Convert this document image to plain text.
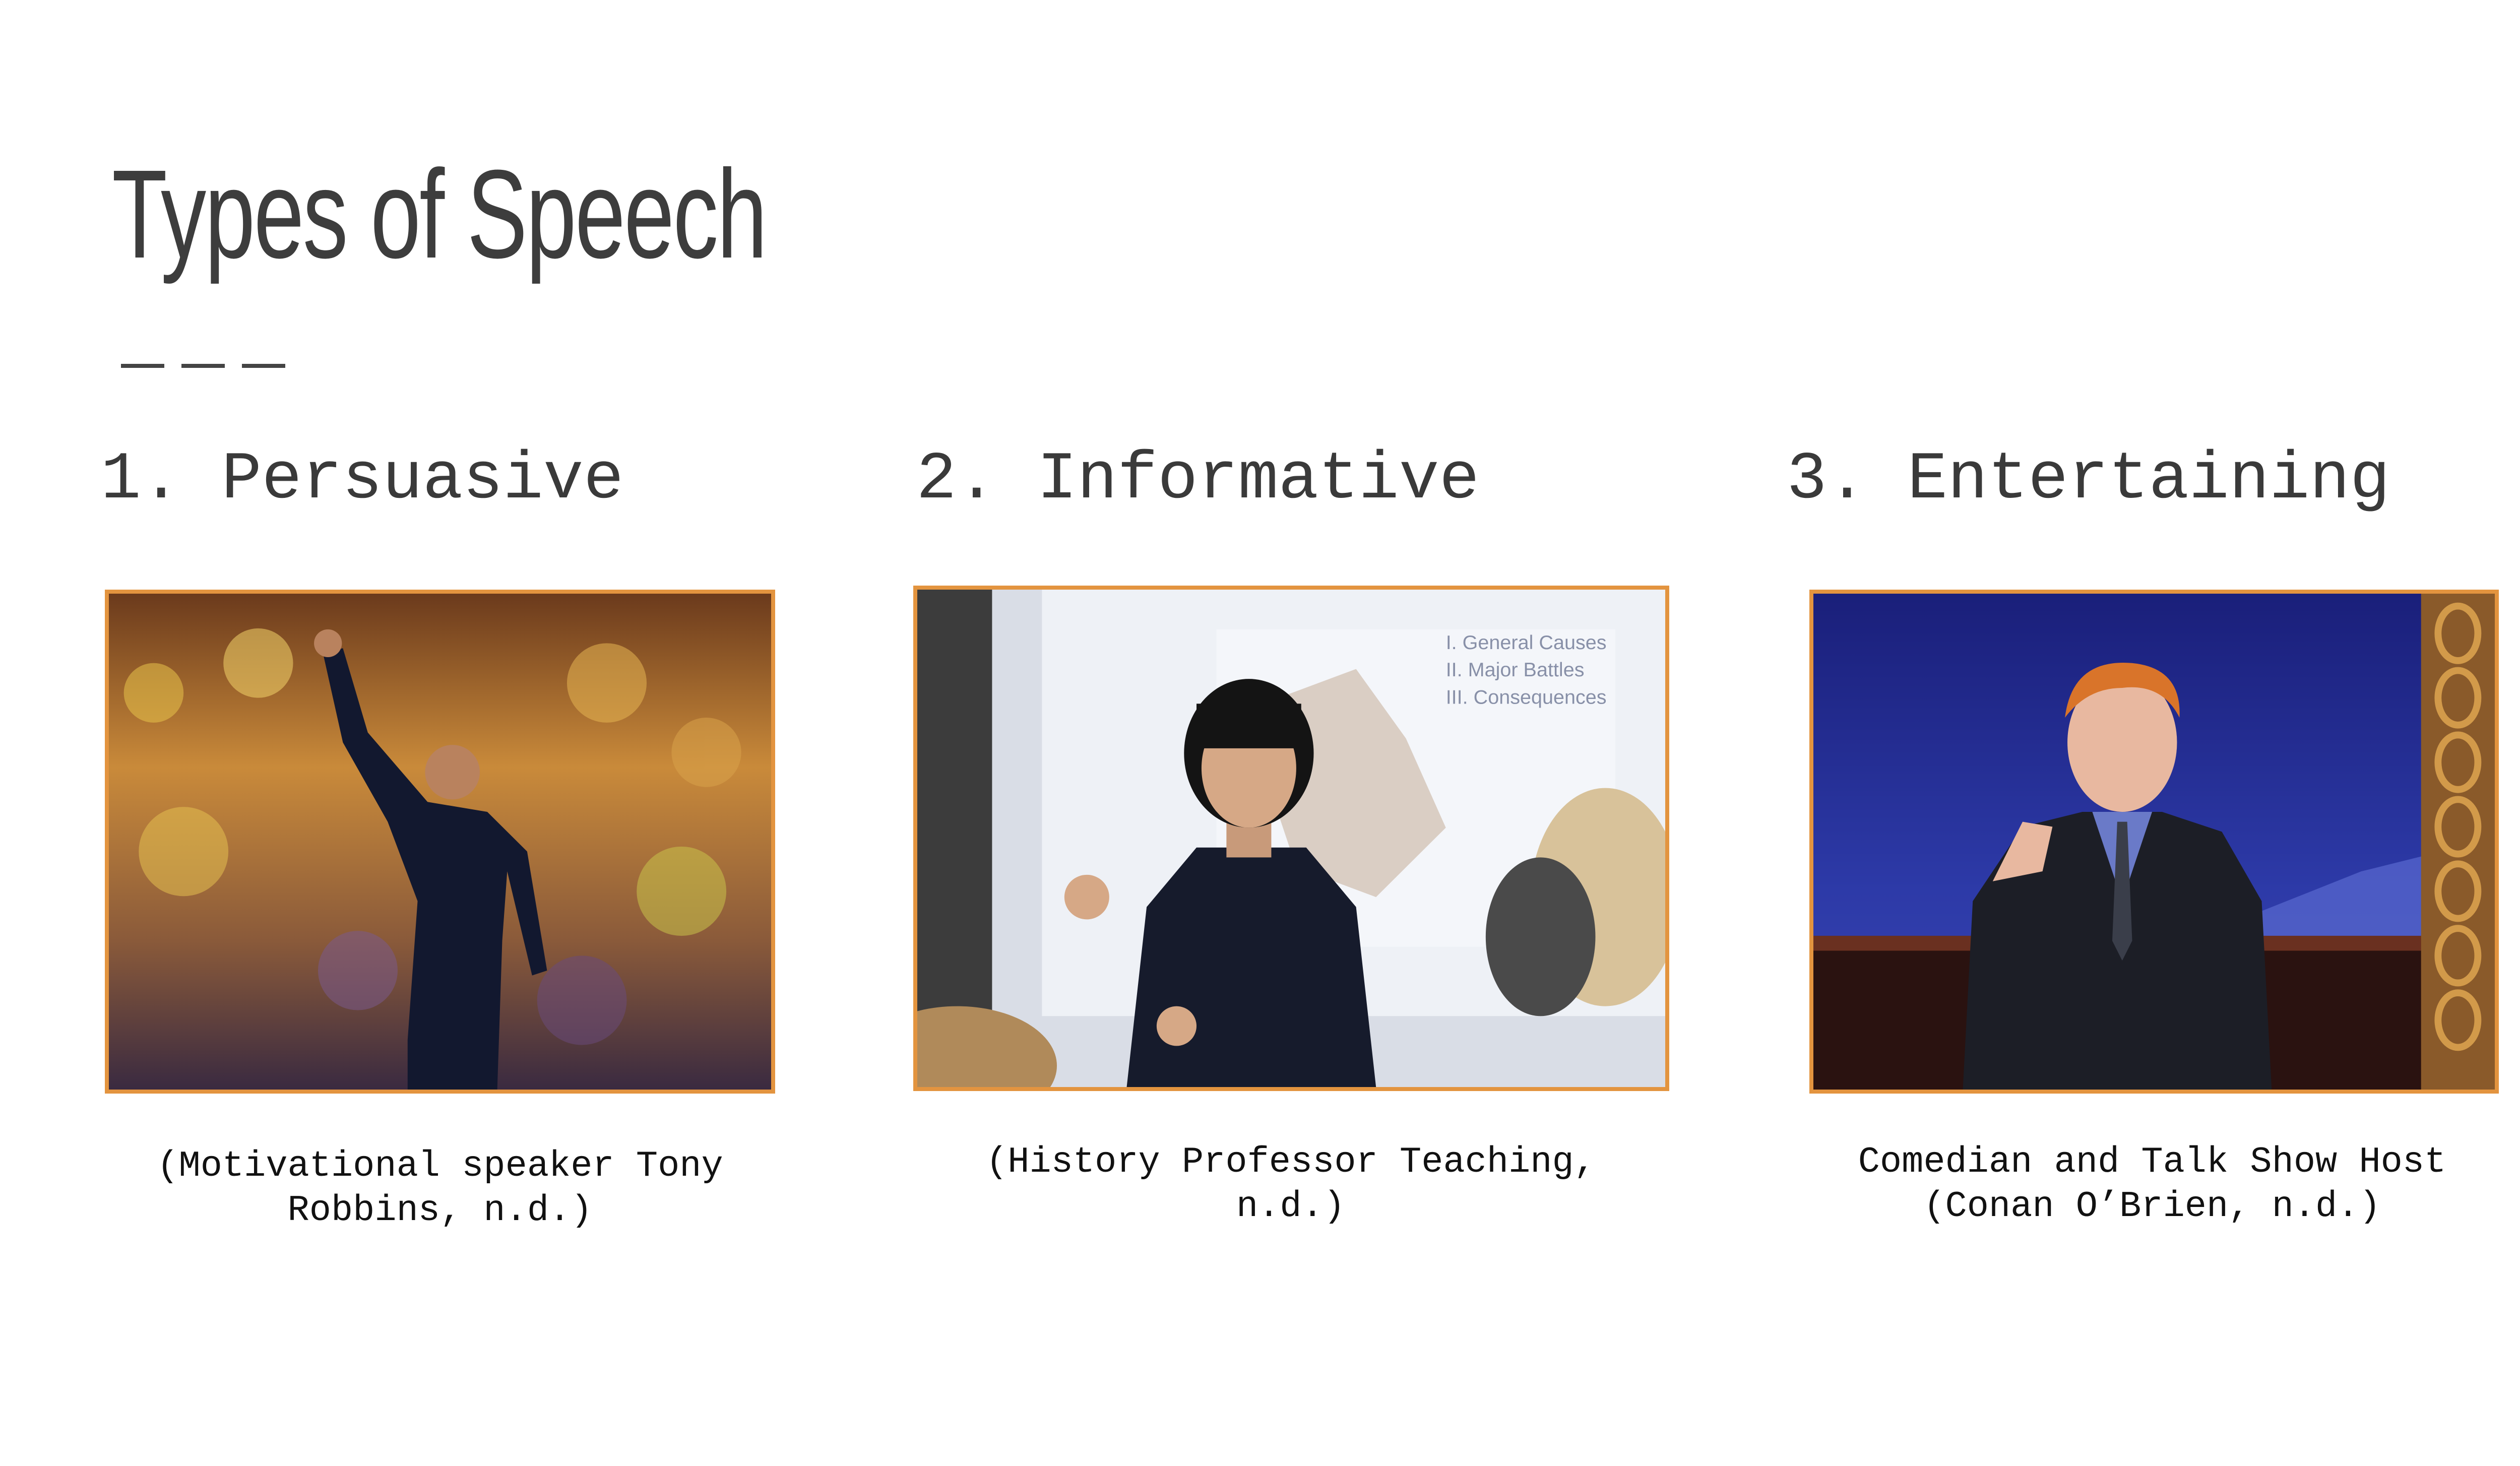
Types of Speech
1. Persuasive
(Motivational speaker Tony
Robbins, n.d.)
2. Informative
I. General Causes
II. Major Battles
III. Consequences
(History Professor Teaching,
n.d.)
3. Entertaining
Comedian and Talk Show Host
(Conan O’Brien, n.d.)
